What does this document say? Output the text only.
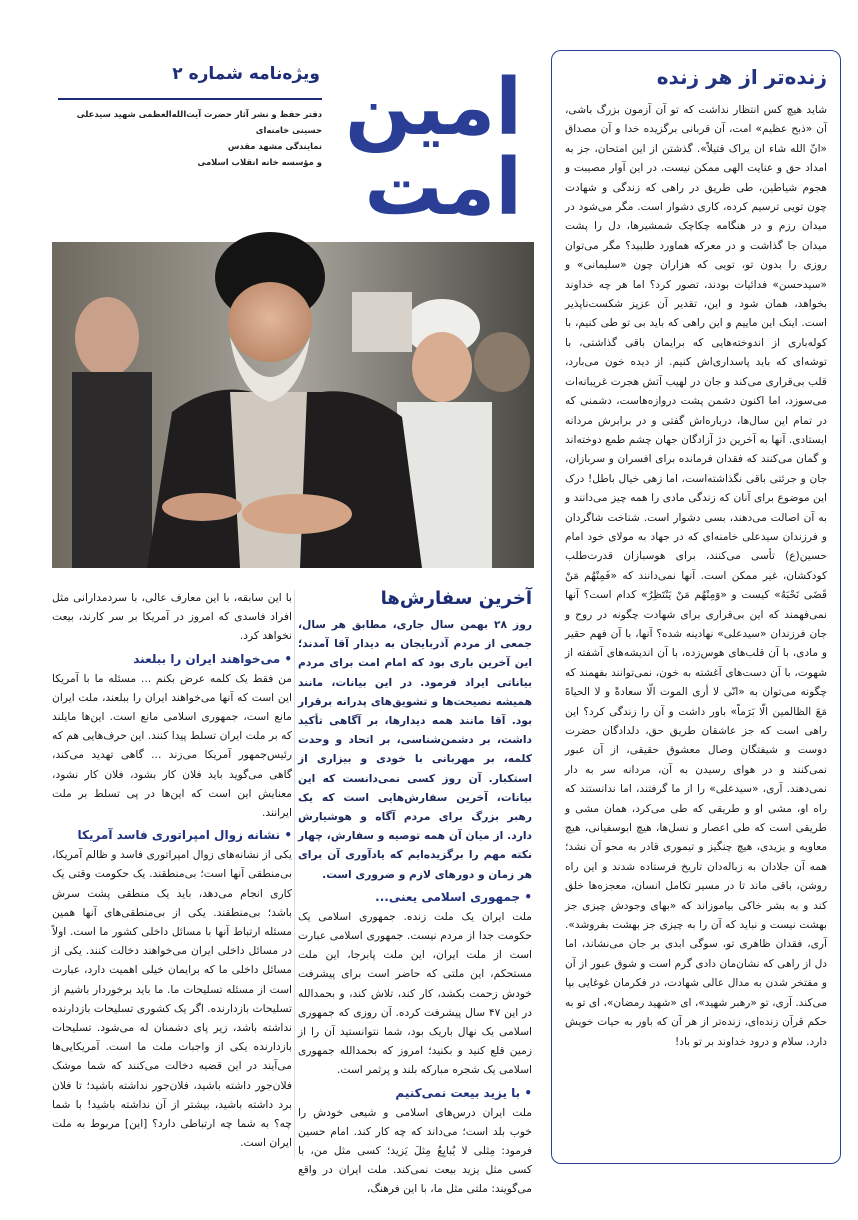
زنده‌تر از هر زنده

شاید هیچ کس انتظار نداشت که تو آن آزمون بزرگ باشی، آن «ذبح عظیم» امت، آن قربانی برگزیده خدا و آن مصداق «انّ الله شاء ان یراک قتیلاً». گذشتن از این امتحان، جز به امداد حق و عنایت الهی ممکن نیست. در این آوار مصیبت و هجوم شیاطین، طی طریق در راهی که زندگی و شهادت چون تویی ترسیم کرده، کاری دشوار است. مگر می‌شود در میدان رزم و در هنگامه چکاچک شمشیرها، دل را پشت میدان جا گذاشت و در معرکه هماورد طلبید؟ مگر می‌توان روزی را بدون تو، تویی که هزاران چون «سلیمانی» و «سیدحسن» فدائیات بودند، تصور کرد؟ اما هر چه خداوند بخواهد، همان شود و این، تقدیر آن عزیز شکست‌ناپذیر است. اینک این ماییم و این راهی که باید بی تو طی کنیم، با کوله‌باری از اندوخته‌هایی که برایمان باقی گذاشتی، با توشه‌ای که باید پاسداری‌اش کنیم. از دیده خون می‌بارد، قلب بی‌قراری می‌کند و جان در لهیب آتش هجرت غریبانه‌ات می‌سوزد، اما اکنون دشمن پشت دروازه‌هاست، دشمنی که در تمام این سال‌ها، درباره‌اش گفتی و در برابرش مردانه ایستادی. آنها به آخرین دژ آزادگان جهان چشم طمع دوخته‌اند و گمان می‌کنند که فقدان فرمانده برای افسران و سربازان، جان و جرئتی باقی نگذاشته‌است، اما زهی خیال باطل! درک این موضوع برای آنان که زندگی مادی را همه چیز می‌دانند و به آن اصالت می‌دهند، بسی دشوار است. شناخت شاگردان و فرزندان سیدعلی خامنه‌ای که در جهاد به مولای خود امام حسین(ع) تأسی می‌کنند، برای هوسبازان قدرت‌طلب کودکشان، غیر ممکن است. آنها نمی‌دانند که «فَمِنْهُم مَنْ قَضَى نَحْبَهُ» کیست و «وَمِنْهُم مَنْ يَنْتَظِرُ» کدام است؟ آنها نمی‌فهمند که این بی‌قراری برای شهادت چگونه در روح و جان فرزندان «سیدعلی» نهادینه شده؟ آنها، با آن فهم حقیر و مادی، با آن قلب‌های هوس‌زده، با آن اندیشه‌های آشفته از شهوت، با آن دست‌های آغشته به خون، نمی‌توانند بفهمند که چگونه می‌توان به «انّی لا أری الموت الّا سعادةً و لا الحیاةَ مَعَ الظالمین الّا بَرَماً» باور داشت و آن را زندگی کرد؟ این راهی است که جز عاشقان طریق حق، دلدادگان حضرت دوست و شیفتگان وصال معشوق حقیقی، از آن عبور نمی‌کنند و در هوای رسیدن به آن، مردانه سر به دار نمی‌دهند. آری، «سیدعلی» را از ما گرفتند، اما ندانستند که راه او، مشی او و طریقی که طی می‌کرد، همان مشی و طریقی است که طی اعصار و نسل‌ها، هیچ ابوسفیانی، هیچ معاویه و یزیدی، هیچ چنگیز و تیموری قادر به محو آن نشد؛ همه آن جلادان به زباله‌دان تاریخ فرستاده شدند و این راه روشن، باقی ماند تا در مسیر تکامل انسان، معجزه‌ها خلق کند و به بشر خاکی بیاموزاند که «بهای وجودش چیزی جز بهشت نیست و نباید که آن را به چیزی جز بهشت بفروشد». آری، فقدان ظاهری تو، سوگی ابدی بر جان می‌نشاند، اما دل از راهی که نشان‌مان دادی گرم است و شوق عبور از آن و مفتخر شدن به مدال عالی شهادت، در فکرمان غوغایی بپا می‌کند. آری، تو «رهبر شهید»، ای «شهید رمضان»، ای تو به حکم قرآن زنده‌ای، زنده‌تر از هر آن که باور به حیات خویش دارد. سلام و درود خداوند بر تو باد!

امین
امت
ویژه‌نامه شماره ۲
دفتر حفظ و نشر آثار حضرت آیت‌الله‌العظمی شهید سیدعلی حسینی خامنه‌ای
نمایندگی مشهد مقدس
و مؤسسه خانه انقلاب اسلامی
آخرین سفارش‌ها

روز ۲۸ بهمن سال جاری، مطابق هر سال، جمعی از مردم آذربایجان به دیدار آقا آمدند؛ این آخرین باری بود که امام امت برای مردم بیاناتی ایراد فرمود. در این بیانات، مانند همیشه نصیحت‌ها و تشویق‌های پدرانه برقرار بود. آقا مانند همه دیدارها، بر آگاهی تأکید داشت، بر دشمن‌شناسی، بر اتحاد و وحدت کلمه، بر مهربانی با خودی و بیزاری از استکبار. آن روز کسی نمی‌دانست که این بیانات، آخرین سفارش‌هایی است که یک رهبر بزرگ برای مردم آگاه و هوشیارش دارد. از میان آن همه توصیه و سفارش، چهار نکته مهم را برگزیده‌ایم که یادآوری آن برای هر زمان و دورهای لازم و ضروری است.

• جمهوری اسلامی یعنی...

ملت ایران یک ملت زنده. جمهوری اسلامی یک حکومت جدا از مردم نیست. جمهوری اسلامی عبارت است از ملت ایران، این ملت پابرجا، این ملت مستحکم، این ملتی که حاضر است برای پیشرفت خودش زحمت بکشد، کار کند، تلاش کند، و بحمدالله در این ۴۷ سال پیشرفت کرده. آن روزی که جمهوری اسلامی یک نهال باریک بود، شما نتوانستید آن را از زمین قلع کنید و بکنید؛ امروز که بحمدالله جمهوری اسلامی یک شجره مبارکه بلند و پرثمر است.

• با یزید بیعت نمی‌کنیم

ملت ایران درس‌های اسلامی و شیعی خودش را خوب بلد است؛ می‌داند که چه کار کند. امام حسین فرمود: مِثلی لا یُبایِعُ مِثلَ یَزید؛ کسی مثل من، با کسی مثل یزید بیعت نمی‌کند. ملت ایران در واقع می‌گویند: ملتی مثل ما، با این فرهنگ،

با این سابقه، با این معارف عالی، با سردمدارانی مثل افراد فاسدی که امروز در آمریکا بر سر کارند، بیعت نخواهد کرد.

• می‌خواهند ایران را ببلعند

من فقط یک کلمه عرض بکنم ... مسئله ما با آمریکا این است که آنها می‌خواهند ایران را ببلعند، ملت ایران مانع است، جمهوری اسلامی مانع است. این‌ها مایلند که بر ملت ایران تسلط پیدا کنند. این حرف‌هایی هم که رئیس‌جمهور آمریکا می‌زند ... گاهی تهدید می‌کند، گاهی می‌گوید باید فلان کار بشود، فلان کار نشود، معنایش این است که این‌ها در پی تسلط بر ملت ایرانند.

• نشانه زوال امپراتوری فاسد آمریکا

یکی از نشانه‌های زوال امپراتوری فاسد و ظالم آمریکا، بی‌منطقی آنها است؛ بی‌منطقند. یک حکومت وقتی یک کاری انجام می‌دهد، باید یک منطقی پشت سرش باشد؛ بی‌منطقند. یکی از بی‌منطقی‌های آنها همین مسئله ارتباط آنها با مسائل داخلی کشور ما است. اولاً در مسائل داخلی ایران می‌خواهند دخالت کنند. یکی از مسائل داخلی ما که برایمان خیلی اهمیت دارد، عبارت است از مسئله تسلیحات ما. ما باید برخوردار باشیم از تسلیحات بازدارنده. اگر یک کشوری تسلیحات بازدارنده نداشته باشد، زیر پای دشمنان له می‌شود. تسلیحات بازدارنده یکی از واجبات ملت ما است. آمریکایی‌ها می‌آیند در این قضیه دخالت می‌کنند که شما موشک فلان‌جور داشته باشید، فلان‌جور نداشته باشید؛ تا فلان برد داشته باشید، بیشتر از آن نداشته باشید! با شما چه؟ به شما چه ارتباطی دارد؟ [این] مربوط به ملت ایران است.
